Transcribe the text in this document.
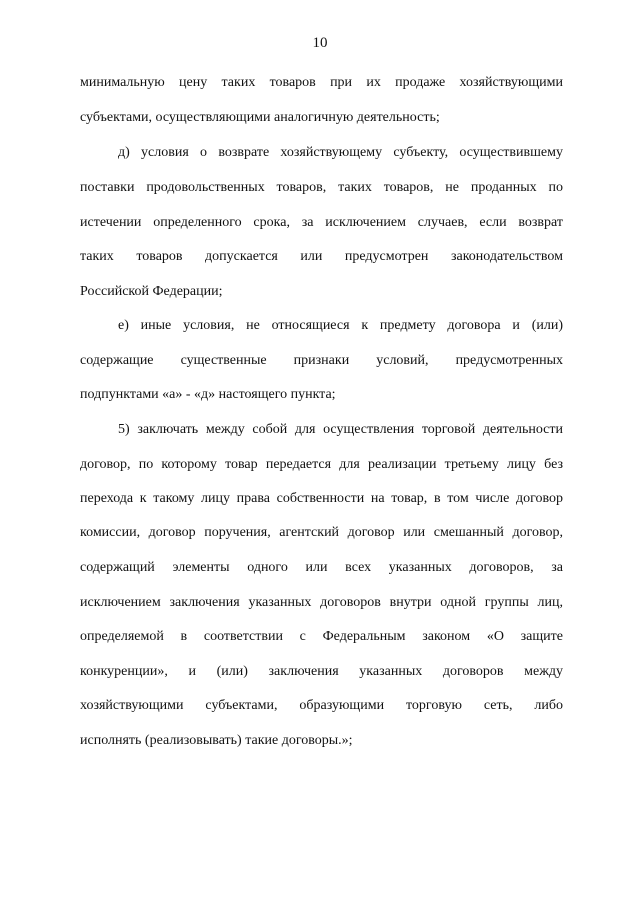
10
минимальную цену таких товаров при их продаже хозяйствующими
субъектами, осуществляющими аналогичную деятельность;
д) условия о возврате хозяйствующему субъекту, осуществившему
поставки продовольственных товаров, таких товаров, не проданных по
истечении определенного срока, за исключением случаев, если возврат
таких товаров допускается или предусмотрен законодательством
Российской Федерации;
е) иные условия, не относящиеся к предмету договора и (или)
содержащие существенные признаки условий, предусмотренных
подпунктами «а» - «д» настоящего пункта;
5) заключать между собой для осуществления торговой деятельности
договор, по которому товар передается для реализации третьему лицу без
перехода к такому лицу права собственности на товар, в том числе договор
комиссии, договор поручения, агентский договор или смешанный договор,
содержащий элементы одного или всех указанных договоров, за
исключением заключения указанных договоров внутри одной группы лиц,
определяемой в соответствии с Федеральным законом «О защите
конкуренции», и (или) заключения указанных договоров между
хозяйствующими субъектами, образующими торговую сеть, либо
исполнять (реализовывать) такие договоры.»;
